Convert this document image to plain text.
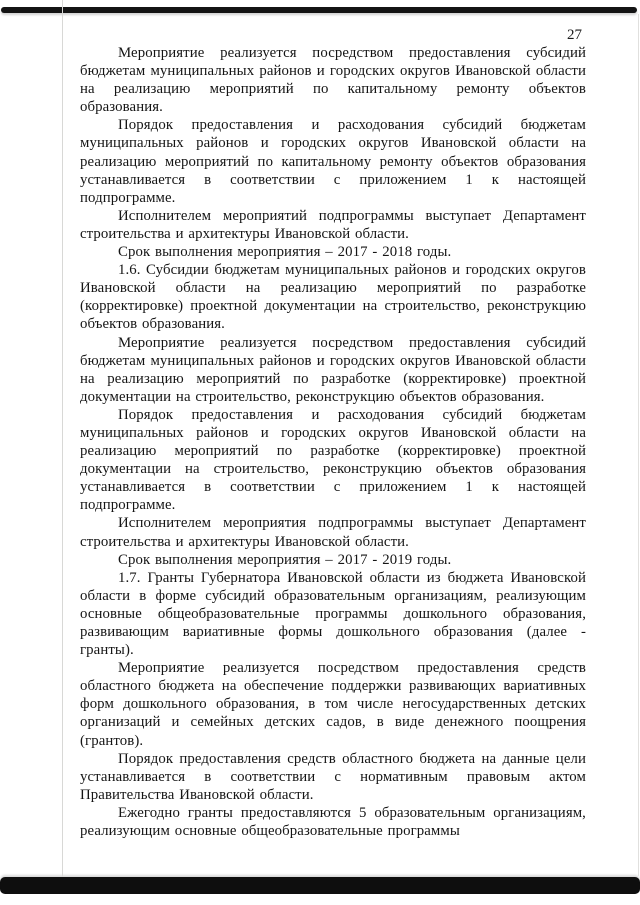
27

Мероприятие реализуется посредством предоставления субсидий бюджетам муниципальных районов и городских округов Ивановской области на реализацию мероприятий по капитальному ремонту объектов образования.

Порядок предоставления и расходования субсидий бюджетам муниципальных районов и городских округов Ивановской области на реализацию мероприятий по капитальному ремонту объектов образования устанавливается в соответствии с приложением 1 к настоящей подпрограмме.

Исполнителем мероприятий подпрограммы выступает Департамент строительства и архитектуры Ивановской области.

Срок выполнения мероприятия – 2017 - 2018 годы.

1.6. Субсидии бюджетам муниципальных районов и городских округов Ивановской области на реализацию мероприятий по разработке (корректировке) проектной документации на строительство, реконструкцию объектов образования.

Мероприятие реализуется посредством предоставления субсидий бюджетам муниципальных районов и городских округов Ивановской области на реализацию мероприятий по разработке (корректировке) проектной документации на строительство, реконструкцию объектов образования.

Порядок предоставления и расходования субсидий бюджетам муниципальных районов и городских округов Ивановской области на реализацию мероприятий по разработке (корректировке) проектной документации на строительство, реконструкцию объектов образования устанавливается в соответствии с приложением 1 к настоящей подпрограмме.

Исполнителем мероприятия подпрограммы выступает Департамент строительства и архитектуры Ивановской области.

Срок выполнения мероприятия – 2017 - 2019 годы.

1.7. Гранты Губернатора Ивановской области из бюджета Ивановской области в форме субсидий образовательным организациям, реализующим основные общеобразовательные программы дошкольного образования, развивающим вариативные формы дошкольного образования (далее - гранты).

Мероприятие реализуется посредством предоставления средств областного бюджета на обеспечение поддержки развивающих вариативных форм дошкольного образования, в том числе негосударственных детских организаций и семейных детских садов, в виде денежного поощрения (грантов).

Порядок предоставления средств областного бюджета на данные цели устанавливается в соответствии с нормативным правовым актом Правительства Ивановской области.

Ежегодно гранты предоставляются 5 образовательным организациям, реализующим основные общеобразовательные программы
